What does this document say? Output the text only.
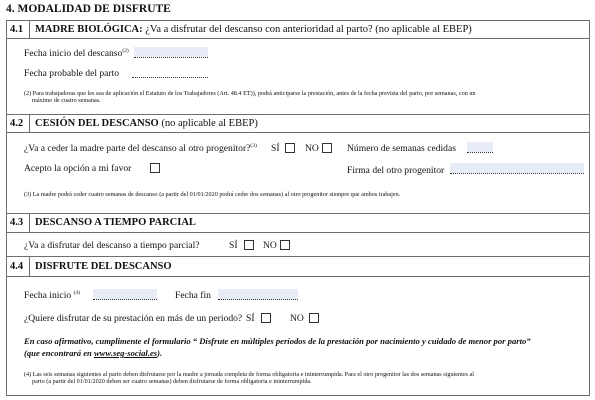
4. MODALIDAD DE DISFRUTE
4.1 MADRE BIOLÓGICA: ¿Va a disfrutar del descanso con anterioridad al parto? (no aplicable al EBEP)
Fecha inicio del descanso$^{(2)}$
Fecha probable del parto
(2) Para trabajadoras que les sea de aplicación el Estatuto de los Trabajadores (Art. 48.4 ET)), podrá anticiparse la prestación, antes de la fecha prevista del parto, por semanas, con un
máximo de cuatro semanas.
4.2 CESIÓN DEL DESCANSO (no aplicable al EBEP)
¿Va a ceder la madre parte del descanso al otro progenitor?$^{(3)}$ SÍ	NO	Número de semanas cedidas
Acepto la opción a mi favor	Firma del otro progenitor
(3) La madre podrá ceder cuatro semanas de descanso (a partir del 01/01/2020 podrá ceder dos semanas) al otro progenitor siempre que ambos trabajen.
4.3 DESCANSO A TIEMPO PARCIAL
¿Va a disfrutar del descanso a tiempo parcial?	SÍ	NO
4.4 DISFRUTE DEL DESCANSO
Fecha inicio $^{(4)}$	Fecha fin
¿Quiere disfrutar de su prestación en más de un periodo? SÍ	NO
En caso afirmativo, cumplimente el formulario “ Disfrute en múltiples períodos de la prestación por nacimiento y cuidado de menor por parto”
(que encontrará en www.seg-social.es).
(4) Las seis semanas siguientes al parto deben disfrutarse por la madre a jornada completa de forma obligatoria e ininterrumpida. Para el otro progenitor las dos semanas siguientes al
parto (a partir del 01/01/2020 deben ser cuatro semanas) deben disfrutarse de forma obligatoria e ininterrumpida.
